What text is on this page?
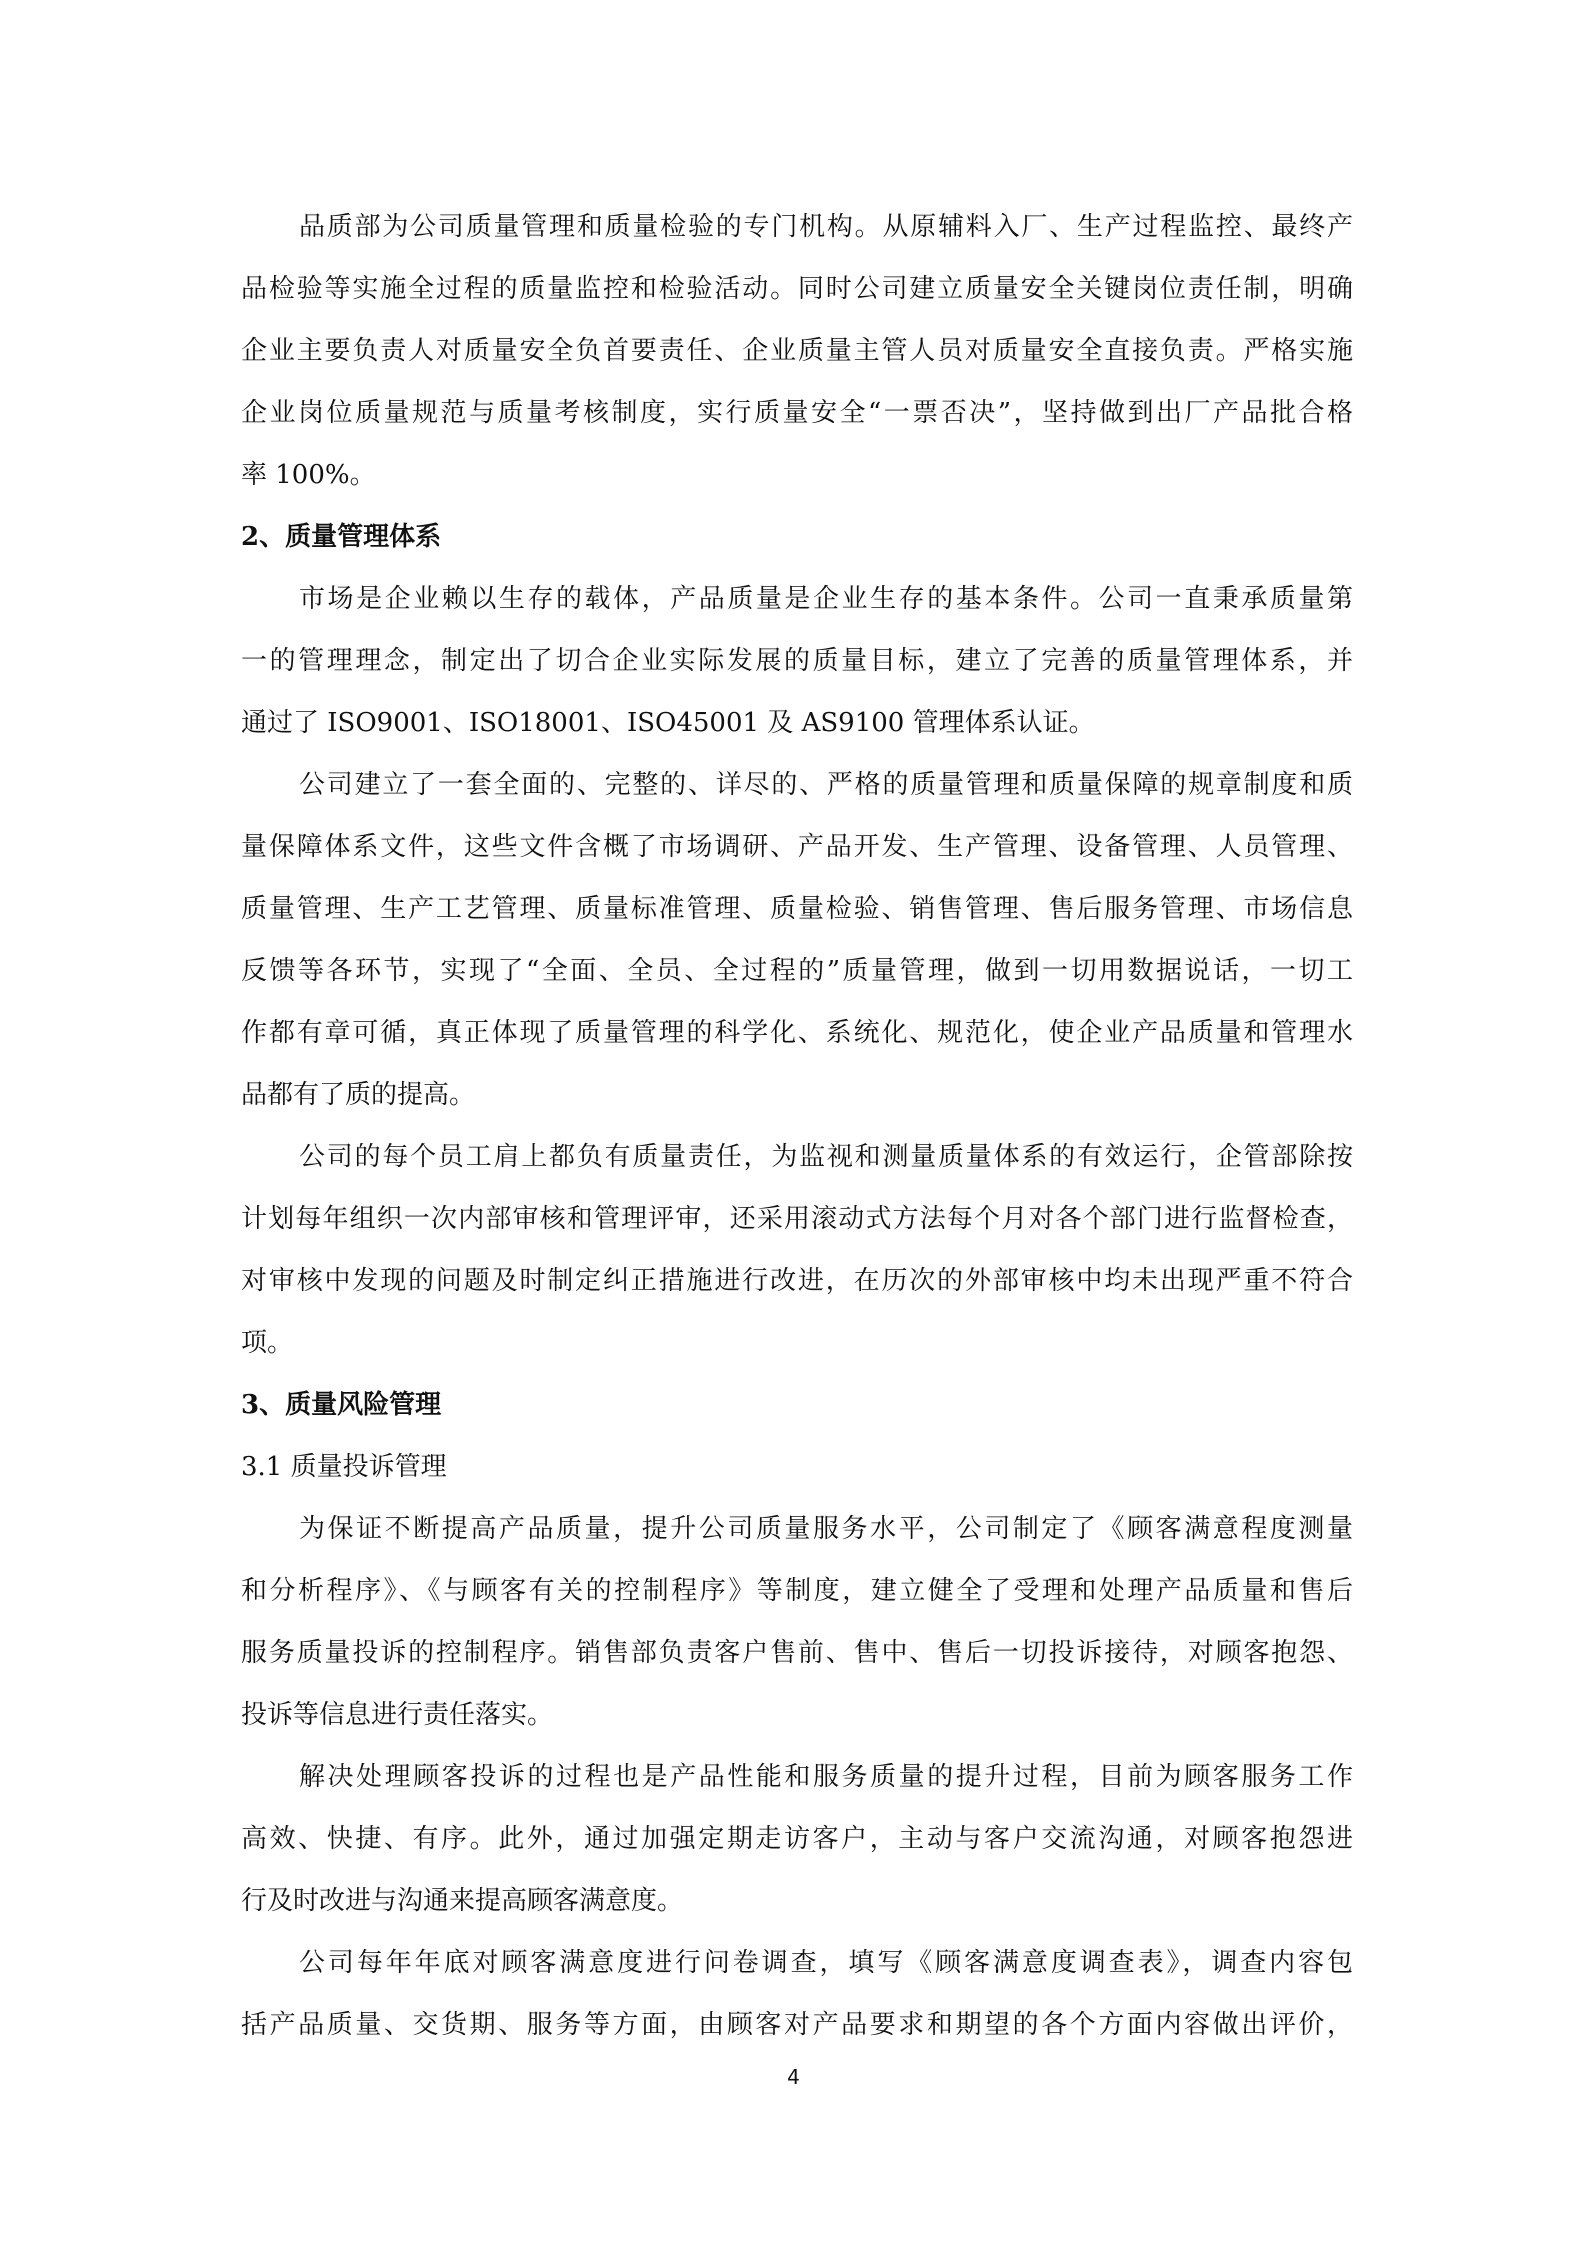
品质部为公司质量管理和质量检验的专门机构。从原辅料入厂、生产过程监控、最终产
品检验等实施全过程的质量监控和检验活动。同时公司建立质量安全关键岗位责任制，明确
企业主要负责人对质量安全负首要责任、企业质量主管人员对质量安全直接负责。严格实施
企业岗位质量规范与质量考核制度，实行质量安全“一票否决”，坚持做到出厂产品批合格
率 100%。
2、质量管理体系
市场是企业赖以生存的载体，产品质量是企业生存的基本条件。公司一直秉承质量第
一的管理理念，制定出了切合企业实际发展的质量目标，建立了完善的质量管理体系，并
通过了 ISO9001、ISO18001、ISO45001 及 AS9100 管理体系认证。
公司建立了一套全面的、完整的、详尽的、严格的质量管理和质量保障的规章制度和质
量保障体系文件，这些文件含概了市场调研、产品开发、生产管理、设备管理、人员管理、
质量管理、生产工艺管理、质量标准管理、质量检验、销售管理、售后服务管理、市场信息
反馈等各环节，实现了“全面、全员、全过程的”质量管理，做到一切用数据说话，一切工
作都有章可循，真正体现了质量管理的科学化、系统化、规范化，使企业产品质量和管理水
品都有了质的提高。
公司的每个员工肩上都负有质量责任，为监视和测量质量体系的有效运行，企管部除按
计划每年组织一次内部审核和管理评审，还采用滚动式方法每个月对各个部门进行监督检查，
对审核中发现的问题及时制定纠正措施进行改进，在历次的外部审核中均未出现严重不符合
项。
3、质量风险管理
3.1 质量投诉管理
为保证不断提高产品质量，提升公司质量服务水平，公司制定了《顾客满意程度测量
和分析程序》、《与顾客有关的控制程序》等制度，建立健全了受理和处理产品质量和售后
服务质量投诉的控制程序。销售部负责客户售前、售中、售后一切投诉接待，对顾客抱怨、
投诉等信息进行责任落实。
解决处理顾客投诉的过程也是产品性能和服务质量的提升过程，目前为顾客服务工作
高效、快捷、有序。此外，通过加强定期走访客户，主动与客户交流沟通，对顾客抱怨进
行及时改进与沟通来提高顾客满意度。
公司每年年底对顾客满意度进行问卷调查，填写《顾客满意度调查表》，调查内容包
括产品质量、交货期、服务等方面，由顾客对产品要求和期望的各个方面内容做出评价，
4
